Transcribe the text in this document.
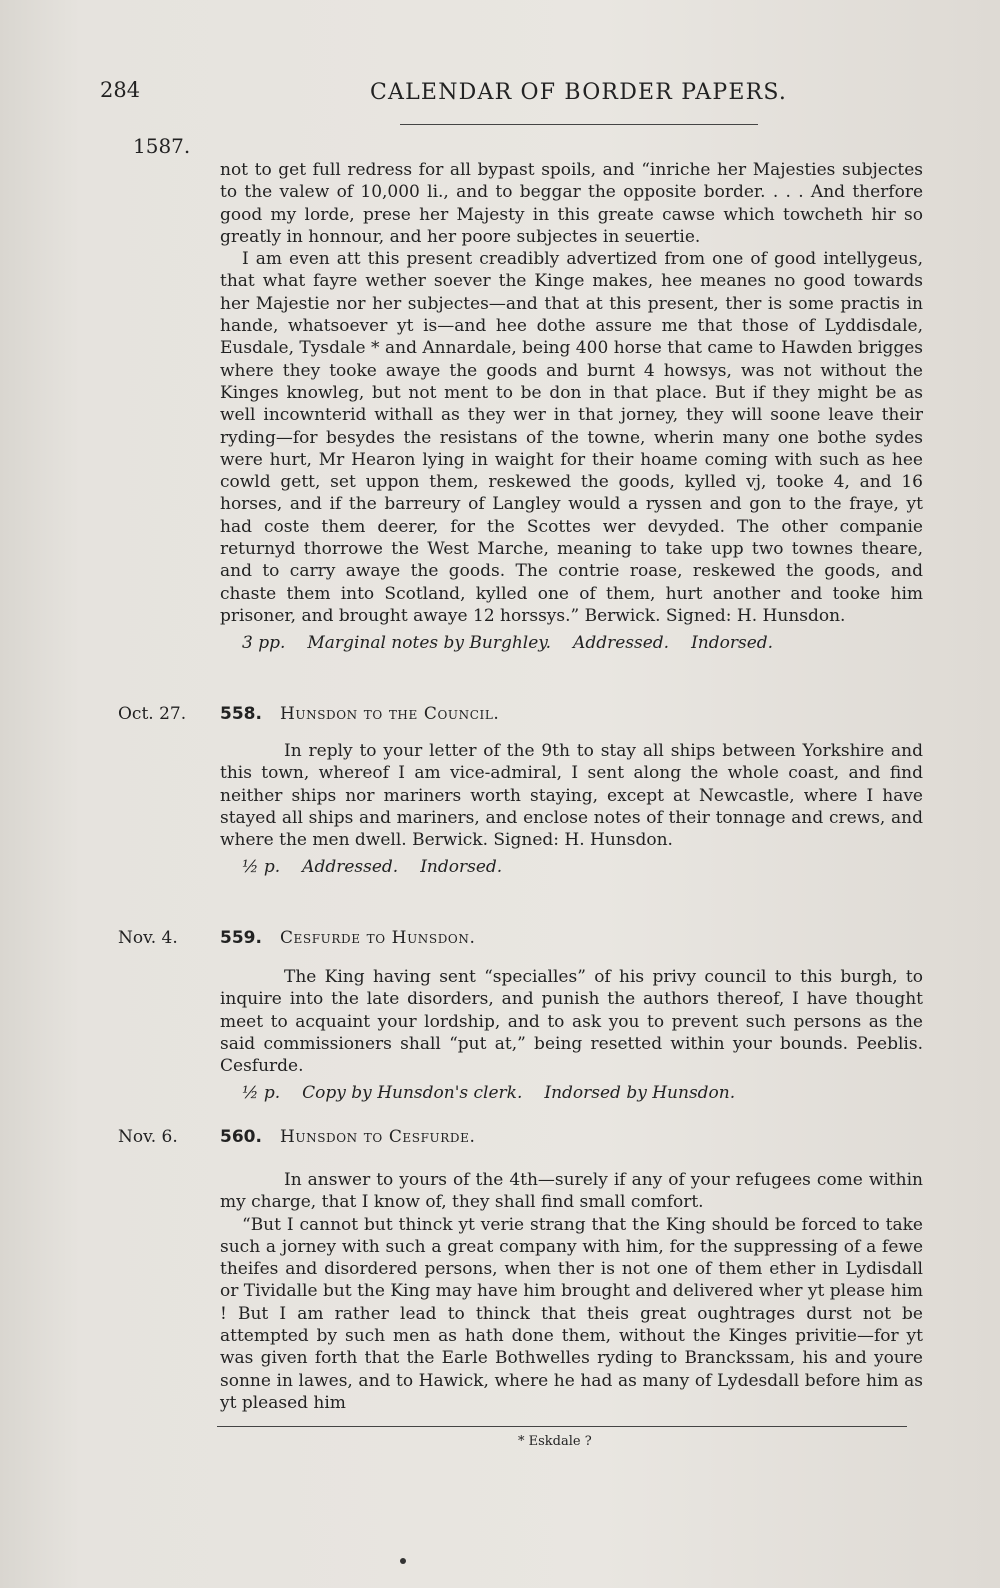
284	CALENDAR OF BORDER PAPERS.
1587.

not to get full redress for all bypast spoils, and “inriche her Majesties subjectes to the valew of 10,000 li., and to beggar the opposite border. . . . And therfore good my lorde, prese her Majesty in this greate cawse which towcheth hir so greatly in honnour, and her poore subjectes in seuertie.

I am even att this present creadibly advertized from one of good intellygeus, that what fayre wether soever the Kinge makes, hee meanes no good towards her Majestie nor her subjectes—and that at this present, ther is some practis in hande, whatsoever yt is—and hee dothe assure me that those of Lyddisdale, Eusdale, Tysdale * and Annardale, being 400 horse that came to Hawden brigges where they tooke awaye the goods and burnt 4 howsys, was not without the Kinges knowleg, but not ment to be don in that place. But if they might be as well incownterid withall as they wer in that jorney, they will soone leave their ryding—for besydes the resistans of the towne, wherin many one bothe sydes were hurt, Mr Hearon lying in waight for their hoame coming with such as hee cowld gett, set uppon them, reskewed the goods, kylled vj, tooke 4, and 16 horses, and if the barreury of Langley would a ryssen and gon to the fraye, yt had coste them deerer, for the Scottes wer devyded. The other companie returnyd thorrowe the West Marche, meaning to take upp two townes theare, and to carry awaye the goods. The contrie roase, reskewed the goods, and chaste them into Scotland, kylled one of them, hurt another and tooke him prisoner, and brought awaye 12 horssys.” Berwick. Signed: H. Hunsdon.

3 pp. Marginal notes by Burghley. Addressed. Indorsed.
Oct. 27. 558. Hunsdon to the Council.

In reply to your letter of the 9th to stay all ships between Yorkshire and this town, whereof I am vice-admiral, I sent along the whole coast, and find neither ships nor mariners worth staying, except at Newcastle, where I have stayed all ships and mariners, and enclose notes of their tonnage and crews, and where the men dwell. Berwick. Signed: H. Hunsdon.

½ p. Addressed. Indorsed.
Nov. 4. 559. Cesfurde to Hunsdon.

The King having sent “specialles” of his privy council to this burgh, to inquire into the late disorders, and punish the authors thereof, I have thought meet to acquaint your lordship, and to ask you to prevent such persons as the said commissioners shall “put at,” being resetted within your bounds. Peeblis. Cesfurde.

½ p. Copy by Hunsdon's clerk. Indorsed by Hunsdon.
Nov. 6. 560. Hunsdon to Cesfurde.

In answer to yours of the 4th—surely if any of your refugees come within my charge, that I know of, they shall find small comfort.

“But I cannot but thinck yt verie strang that the King should be forced to take such a jorney with such a great company with him, for the suppressing of a fewe theifes and disordered persons, when ther is not one of them ether in Lydisdall or Tividalle but the King may have him brought and delivered wher yt please him ! But I am rather lead to thinck that theis great oughtrages durst not be attempted by such men as hath done them, without the Kinges privitie—for yt was given forth that the Earle Bothwelles ryding to Branckssam, his and youre sonne in lawes, and to Hawick, where he had as many of Lydesdall before him as yt pleased him

* Eskdale ?
